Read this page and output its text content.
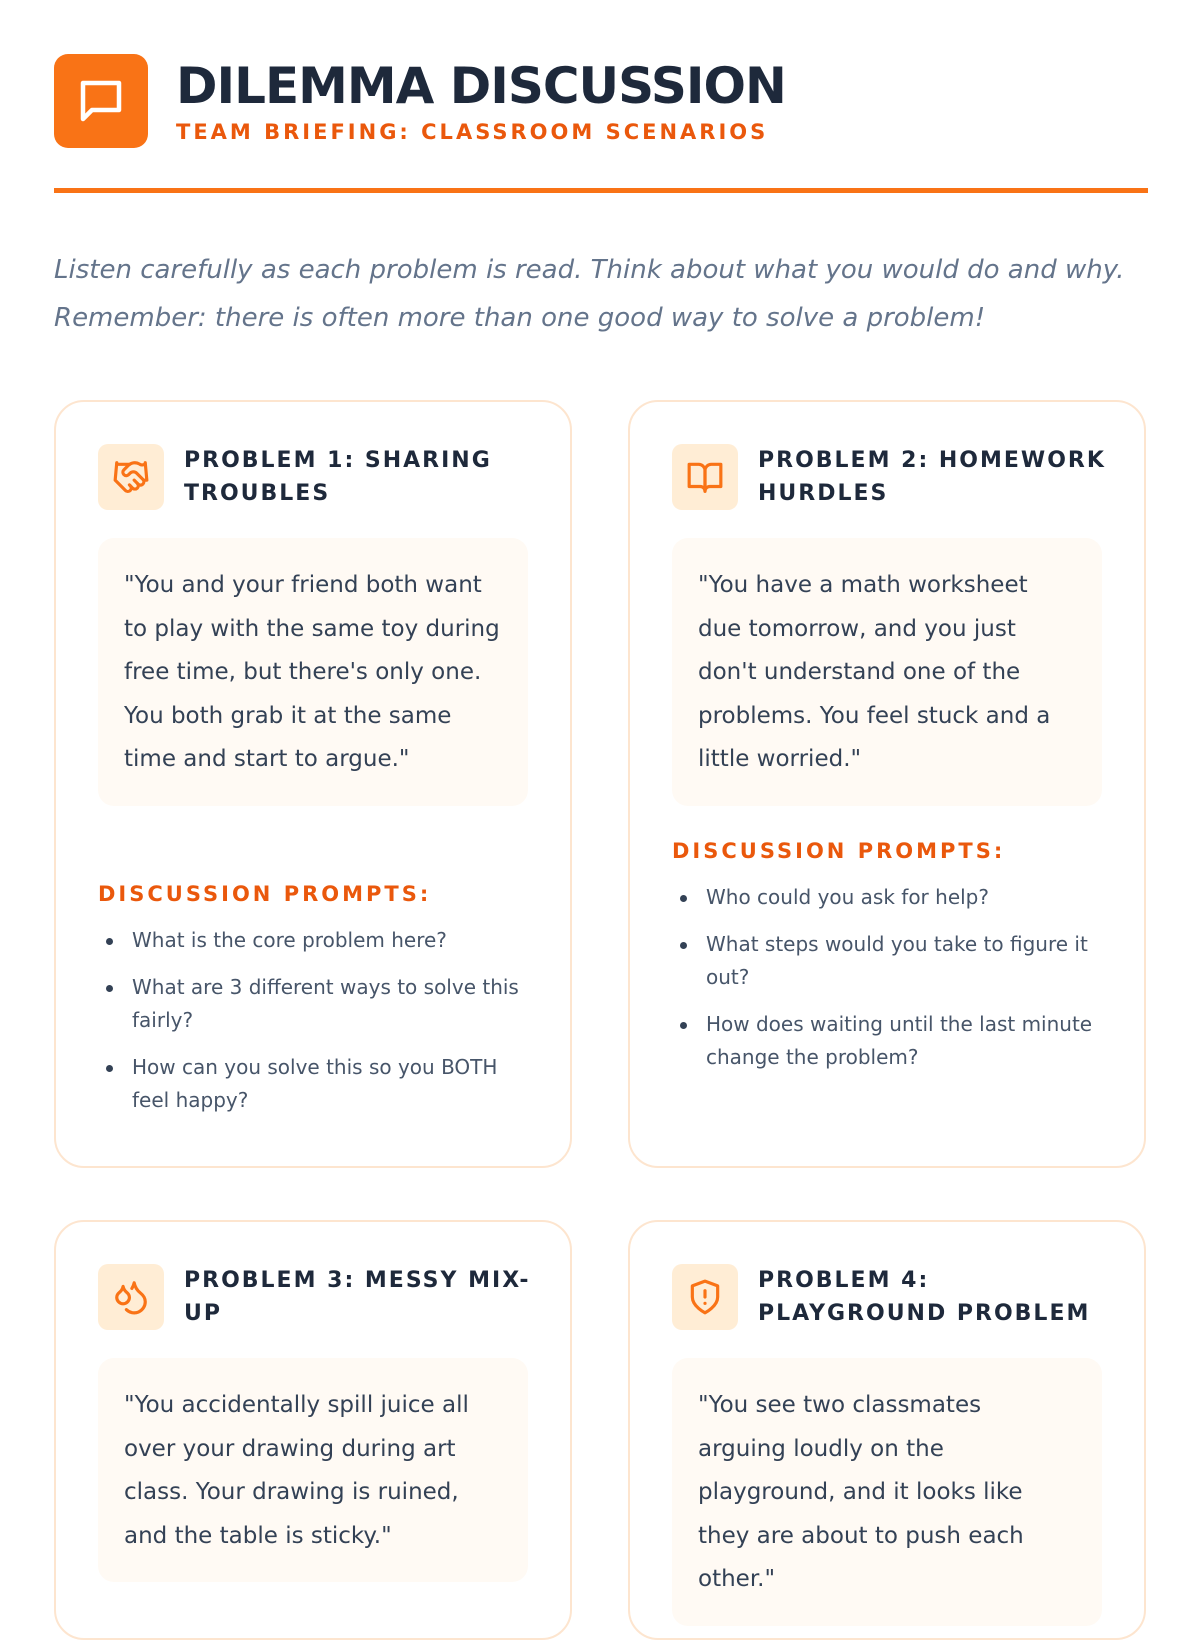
DILEMMA DISCUSSION
TEAM BRIEFING: CLASSROOM SCENARIOS

Listen carefully as each problem is read. Think about what you would do and why. Remember: there is often more than one good way to solve a problem!

PROBLEM 1: SHARING TROUBLES
"You and your friend both want to play with the same toy during free time, but there's only one. You both grab it at the same time and start to argue."
DISCUSSION PROMPTS:
What is the core problem here?
What are 3 different ways to solve this fairly?
How can you solve this so you BOTH feel happy?
PROBLEM 2: HOMEWORK HURDLES
"You have a math worksheet due tomorrow, and you just don't understand one of the problems. You feel stuck and a little worried."
DISCUSSION PROMPTS:
Who could you ask for help?
What steps would you take to figure it out?
How does waiting until the last minute change the problem?
PROBLEM 3: MESSY MIX-UP
"You accidentally spill juice all over your drawing during art class. Your drawing is ruined, and the table is sticky."
PROBLEM 4: PLAYGROUND PROBLEM
"You see two classmates arguing loudly on the playground, and it looks like they are about to push each other."
